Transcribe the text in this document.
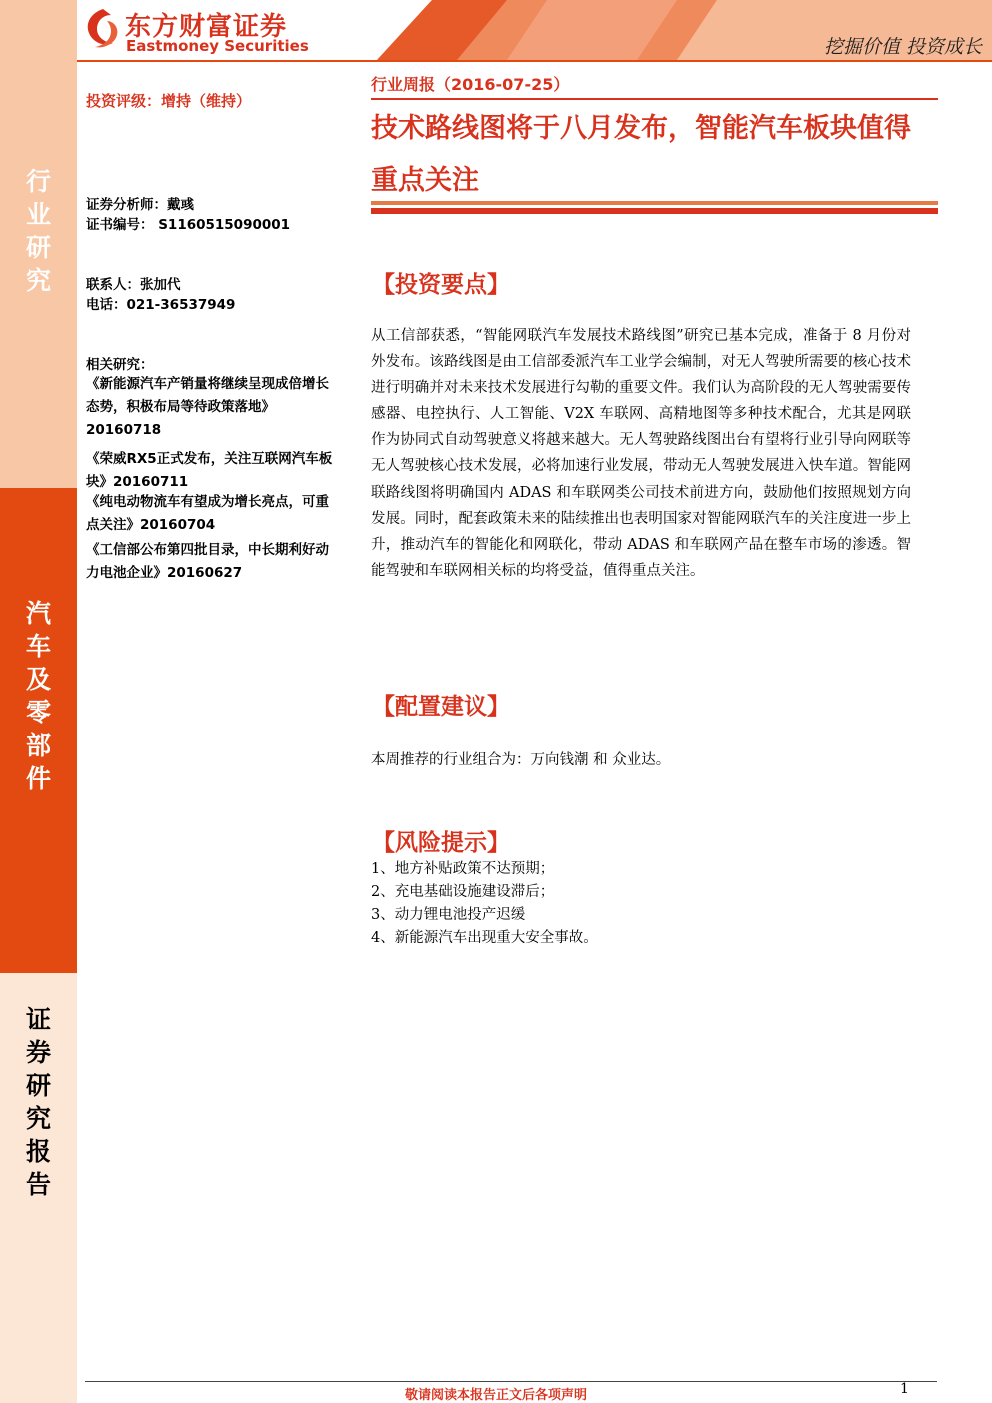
行
业
研
究
汽
车
及
零
部
件
证
券
研
究
报
告
东方财富证券
Eastmoney Securities	挖掘价值 投资成长
投资评级：增持（维持）
证券分析师：戴彧
证书编号： S1160515090001
联系人：张加代
电话：021-36537949
相关研究：
《新能源汽车产销量将继续呈现成倍增长态势，积极布局等待政策落地》20160718
《荣威RX5正式发布，关注互联网汽车板块》20160711
《纯电动物流车有望成为增长亮点，可重点关注》20160704
《工信部公布第四批目录，中长期利好动力电池企业》20160627
行业周报（2016-07-25）
技术路线图将于八月发布，智能汽车板块值得重点关注
【投资要点】

从工信部获悉，“智能网联汽车发展技术路线图”研究已基本完成，准备于 8 月份对外发布。该路线图是由工信部委派汽车工业学会编制，对无人驾驶所需要的核心技术进行明确并对未来技术发展进行勾勒的重要文件。我们认为高阶段的无人驾驶需要传感器、电控执行、人工智能、V2X 车联网、高精地图等多种技术配合，尤其是网联作为协同式自动驾驶意义将越来越大。无人驾驶路线图出台有望将行业引导向网联等无人驾驶核心技术发展，必将加速行业发展，带动无人驾驶发展进入快车道。智能网联路线图将明确国内 ADAS 和车联网类公司技术前进方向，鼓励他们按照规划方向发展。同时，配套政策未来的陆续推出也表明国家对智能网联汽车的关注度进一步上升，推动汽车的智能化和网联化，带动 ADAS 和车联网产品在整车市场的渗透。智能驾驶和车联网相关标的均将受益，值得重点关注。

【配置建议】
本周推荐的行业组合为：万向钱潮 和 众业达。
【风险提示】
1、地方补贴政策不达预期；
2、充电基础设施建设滞后；
3、动力锂电池投产迟缓
4、新能源汽车出现重大安全事故。
敬请阅读本报告正文后各项声明	1
